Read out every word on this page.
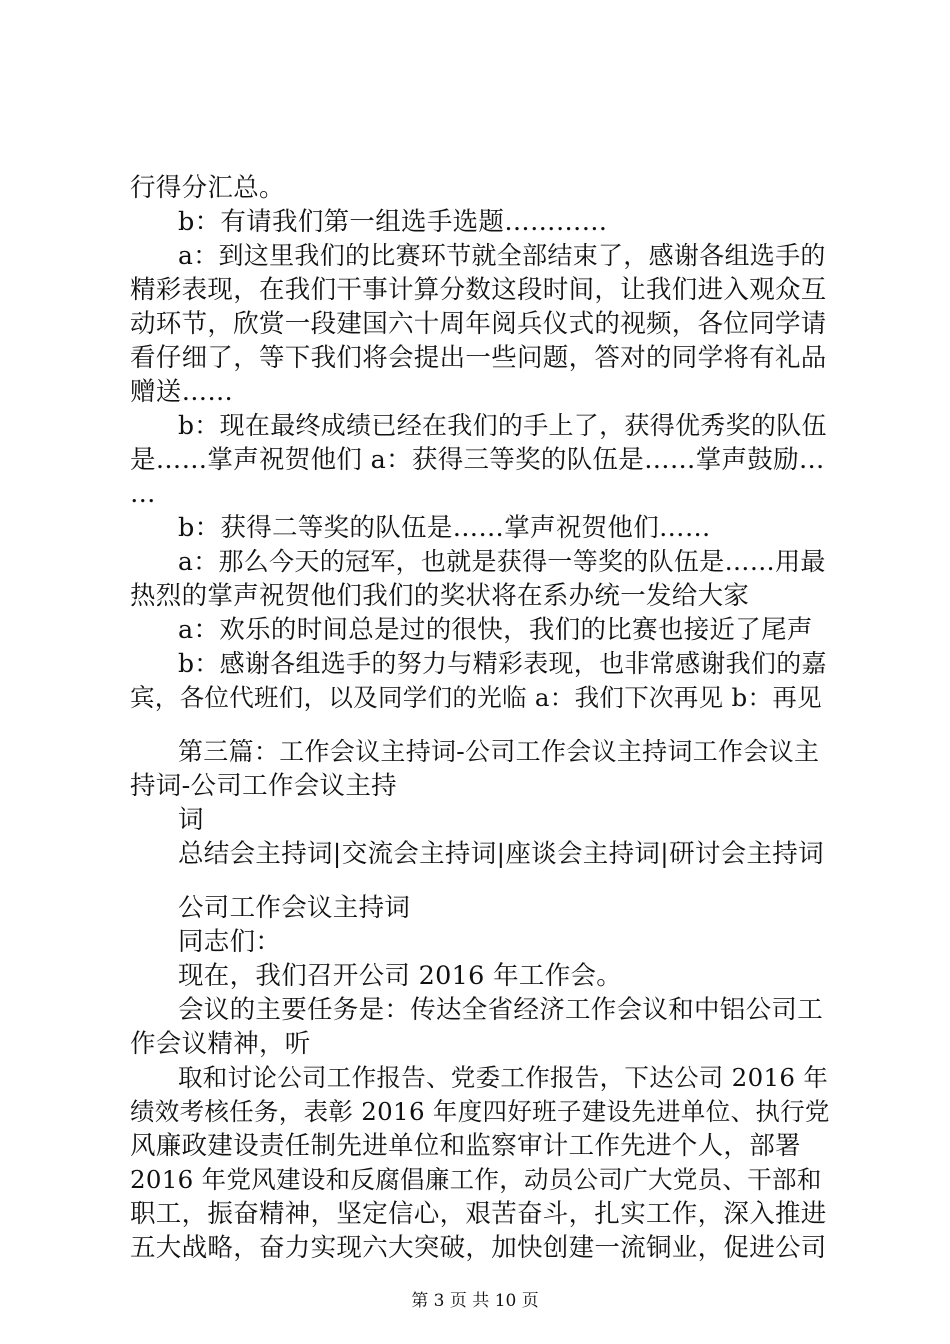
行得分汇总。
b：有请我们第一组选手选题…………
a：到这里我们的比赛环节就全部结束了，感谢各组选手的
精彩表现，在我们干事计算分数这段时间，让我们进入观众互
动环节，欣赏一段建国六十周年阅兵仪式的视频，各位同学请
看仔细了，等下我们将会提出一些问题，答对的同学将有礼品
赠送……
b：现在最终成绩已经在我们的手上了，获得优秀奖的队伍
是……掌声祝贺他们 a：获得三等奖的队伍是……掌声鼓励…
…
b：获得二等奖的队伍是……掌声祝贺他们……
a：那么今天的冠军，也就是获得一等奖的队伍是……用最
热烈的掌声祝贺他们我们的奖状将在系办统一发给大家
a：欢乐的时间总是过的很快，我们的比赛也接近了尾声
b：感谢各组选手的努力与精彩表现，也非常感谢我们的嘉
宾，各位代班们，以及同学们的光临 a：我们下次再见 b：再见
第三篇：工作会议主持词-公司工作会议主持词工作会议主
持词-公司工作会议主持
词
总结会主持词|交流会主持词|座谈会主持词|研讨会主持词
公司工作会议主持词
同志们：
现在，我们召开公司 2016 年工作会。
会议的主要任务是：传达全省经济工作会议和中铝公司工
作会议精神，听
取和讨论公司工作报告、党委工作报告，下达公司 2016 年
绩效考核任务，表彰 2016 年度四好班子建设先进单位、执行党
风廉政建设责任制先进单位和监察审计工作先进个人，部署
2016 年党风建设和反腐倡廉工作，动员公司广大党员、干部和
职工，振奋精神，坚定信心，艰苦奋斗，扎实工作，深入推进
五大战略，奋力实现六大突破，加快创建一流铜业，促进公司
第 3 页 共 10 页
